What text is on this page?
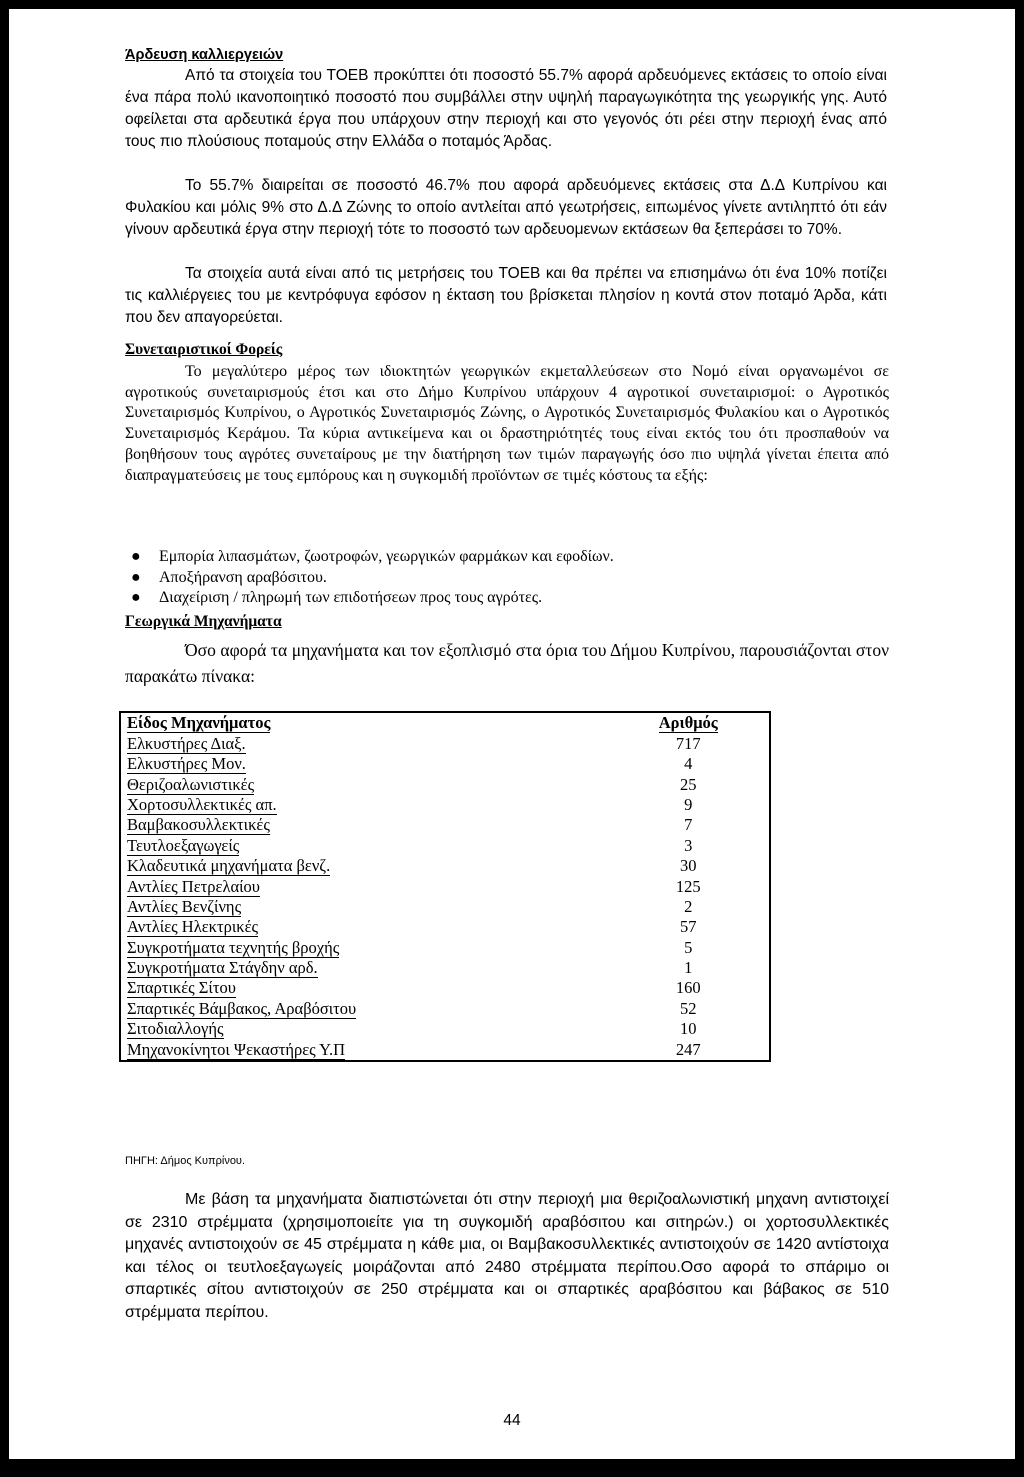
Άρδευση καλλιεργειών

Από τα στοιχεία του ΤΟΕΒ προκύπτει ότι ποσοστό 55.7% αφορά αρδευόμενες εκτάσεις το οποίο είναι ένα πάρα πολύ ικανοποιητικό ποσοστό που συμβάλλει στην υψηλή παραγωγικότητα της γεωργικής γης. Αυτό οφείλεται στα αρδευτικά έργα που υπάρχουν στην περιοχή και στο γεγονός ότι ρέει στην περιοχή ένας από τους πιο πλούσιους ποταμούς στην Ελλάδα ο ποταμός Άρδας.

Το 55.7% διαιρείται σε ποσοστό 46.7% που αφορά αρδευόμενες εκτάσεις στα Δ.Δ Κυπρίνου και Φυλακίου και μόλις 9% στο Δ.Δ Ζώνης το οποίο αντλείται από γεωτρήσεις, ειπωμένος γίνετε αντιληπτό ότι εάν γίνουν αρδευτικά έργα στην περιοχή τότε το ποσοστό των αρδευομενων εκτάσεων θα ξεπεράσει το 70%.

Τα στοιχεία αυτά είναι από τις μετρήσεις του ΤΟΕΒ και θα πρέπει να επισημάνω ότι ένα 10% ποτίζει τις καλλιέργειες του με κεντρόφυγα εφόσον η έκταση του βρίσκεται πλησίον η κοντά στον ποταμό Άρδα, κάτι που δεν απαγορεύεται.

Συνεταιριστικοί Φορείς

Το μεγαλύτερο μέρος των ιδιοκτητών γεωργικών εκμεταλλεύσεων στο Νομό είναι οργανωμένοι σε αγροτικούς συνεταιρισμούς έτσι και στο Δήμο Κυπρίνου υπάρχουν 4 αγροτικοί συνεταιρισμοί: ο Αγροτικός Συνεταιρισμός Κυπρίνου, ο Αγροτικός Συνεταιρισμός Ζώνης, ο Αγροτικός Συνεταιρισμός Φυλακίου και ο Αγροτικός Συνεταιρισμός Κεράμου. Τα κύρια αντικείμενα και οι δραστηριότητές τους είναι εκτός του ότι προσπαθούν να βοηθήσουν τους αγρότες συνεταίρους με την διατήρηση των τιμών παραγωγής όσο πιο υψηλά γίνεται έπειτα από διαπραγματεύσεις με τους εμπόρους και η συγκομιδή προϊόντων σε τιμές κόστους τα εξής:

● Εμπορία λιπασμάτων, ζωοτροφών, γεωργικών φαρμάκων και εφοδίων.
● Αποξήρανση αραβόσιτου.
● Διαχείριση / πληρωμή των επιδοτήσεων προς τους αγρότες.
Γεωργικά Μηχανήματα

Όσο αφορά τα μηχανήματα και τον εξοπλισμό στα όρια του Δήμου Κυπρίνου, παρουσιάζονται στον παρακάτω πίνακα:

Είδος Μηχανήματος	Αριθμός
Ελκυστήρες Διαξ.	717
Ελκυστήρες Μον.	4
Θεριζοαλωνιστικές	25
Χορτοσυλλεκτικές απ.	9
Βαμβακοσυλλεκτικές	7
Τευτλοεξαγωγείς	3
Κλαδευτικά μηχανήματα βενζ.	30
Αντλίες Πετρελαίου	125
Αντλίες Βενζίνης	2
Αντλίες Ηλεκτρικές	57
Συγκροτήματα τεχνητής βροχής	5
Συγκροτήματα Στάγδην αρδ.	1
Σπαρτικές Σίτου	160
Σπαρτικές Βάμβακος, Αραβόσιτου	52
Σιτοδιαλλογής	10
Μηχανοκίνητοι Ψεκαστήρες Υ.Π	247
ΠΗΓΗ: Δήμος Κυπρίνου.

Με βάση τα μηχανήματα διαπιστώνεται ότι στην περιοχή μια θεριζοαλωνιστική μηχανη αντιστοιχεί σε 2310 στρέμματα (χρησιμοποιείτε για τη συγκομιδή αραβόσιτου και σιτηρών.) οι χορτοσυλλεκτικές μηχανές αντιστοιχούν σε 45 στρέμματα η κάθε μια, οι Βαμβακοσυλλεκτικές αντιστοιχούν σε 1420 αντίστοιχα και τέλος οι τευτλοεξαγωγείς μοιράζονται από 2480 στρέμματα περίπου.Οσο αφορά το σπάριμο οι σπαρτικές σίτου αντιστοιχούν σε 250 στρέμματα και οι σπαρτικές αραβόσιτου και βάβακος σε 510 στρέμματα περίπου.

44
